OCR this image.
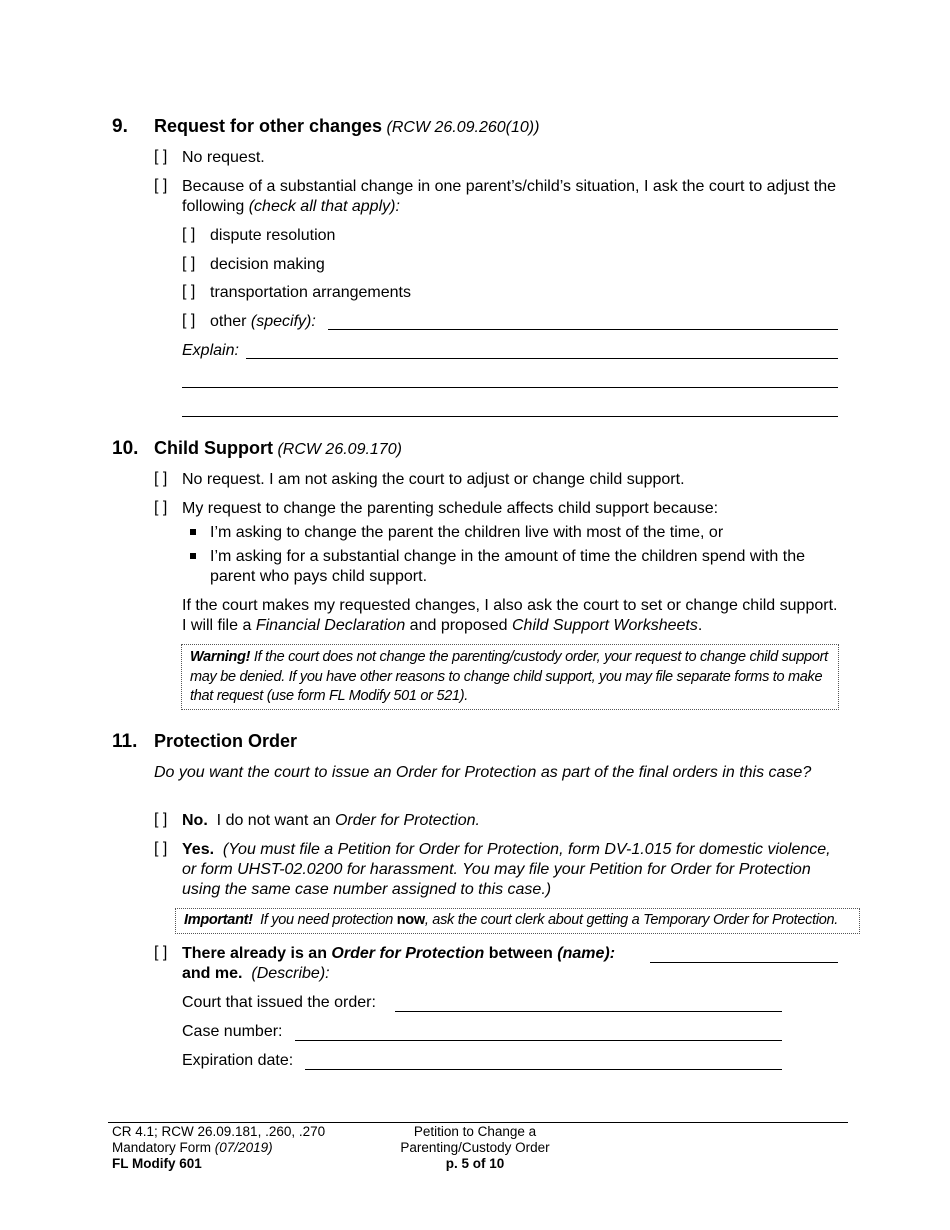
9. Request for other changes (RCW 26.09.260(10))
[ ] No request.
[ ] Because of a substantial change in one parent’s/child’s situation, I ask the court to adjust the following (check all that apply):
[ ] dispute resolution
[ ] decision making
[ ] transportation arrangements
[ ] other (specify):
Explain:
10. Child Support (RCW 26.09.170)
[ ] No request. I am not asking the court to adjust or change child support.
[ ] My request to change the parenting schedule affects child support because:
I’m asking to change the parent the children live with most of the time, or
I’m asking for a substantial change in the amount of time the children spend with the parent who pays child support.
If the court makes my requested changes, I also ask the court to set or change child support. I will file a Financial Declaration and proposed Child Support Worksheets.
Warning! If the court does not change the parenting/custody order, your request to change child support may be denied. If you have other reasons to change child support, you may file separate forms to make that request (use form FL Modify 501 or 521).
11. Protection Order
Do you want the court to issue an Order for Protection as part of the final orders in this case?
[ ] No. I do not want an Order for Protection.
[ ] Yes. (You must file a Petition for Order for Protection, form DV-1.015 for domestic violence, or form UHST-02.0200 for harassment. You may file your Petition for Order for Protection using the same case number assigned to this case.)
Important! If you need protection now, ask the court clerk about getting a Temporary Order for Protection.
[ ] There already is an Order for Protection between (name):
and me. (Describe):
Court that issued the order:
Case number:
Expiration date:
CR 4.1; RCW 26.09.181, .260, .270
Mandatory Form (07/2019)
FL Modify 601
Petition to Change a
Parenting/Custody Order
p. 5 of 10
